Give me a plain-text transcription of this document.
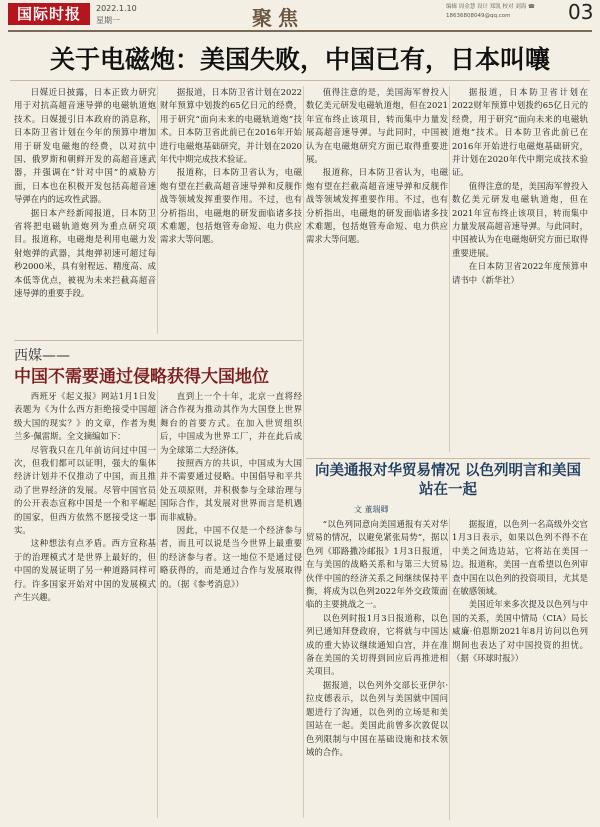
国际时报	2022.1.10
星期一	聚焦	编辑 周金慧 设计 郑凯 校对 刘海 ☎ 18636808049@qq.com	03
关于电磁炮：美国失败，中国已有，日本叫嚷

日媒近日披露，日本正致力研究用于对抗高超音速导弹的电磁轨道炮技术。日媒援引日本政府的消息称，日本防卫省计划在今年的预算中增加用于研发电磁炮的经费，以对抗中国、俄罗斯和朝鲜开发的高超音速武器，并强调在“针对中国”的威胁方面，日本也在积极开发包括高超音速导弹在内的远攻性武器。

据日本产经新闻报道，日本防卫省将把电磁轨道炮列为重点研究项目。报道称，电磁炮是利用电磁力发射炮弹的武器，其炮弹初速可超过每秒2000米，具有射程远、精度高、成本低等优点，被视为未来拦截高超音速导弹的重要手段。

据报道，日本防卫省计划在2022财年预算中划拨约65亿日元的经费，用于研究“面向未来的电磁轨道炮”技术。日本防卫省此前已在2016年开始进行电磁炮基础研究，并计划在2020年代中期完成技术验证。

报道称，日本防卫省认为，电磁炮有望在拦截高超音速导弹和反舰作战等领域发挥重要作用。不过，也有分析指出，电磁炮的研发面临诸多技术难题，包括炮管寿命短、电力供应需求大等问题。

值得注意的是，美国海军曾投入数亿美元研发电磁轨道炮，但在2021年宣布终止该项目，转而集中力量发展高超音速导弹。与此同时，中国被认为在电磁炮研究方面已取得重要进展。

报道称，日本防卫省认为，电磁炮有望在拦截高超音速导弹和反舰作战等领域发挥重要作用。不过，也有分析指出，电磁炮的研发面临诸多技术难题，包括炮管寿命短、电力供应需求大等问题。

据报道，日本防卫省计划在2022财年预算中划拨约65亿日元的经费，用于研究“面向未来的电磁轨道炮”技术。日本防卫省此前已在2016年开始进行电磁炮基础研究，并计划在2020年代中期完成技术验证。

值得注意的是，美国海军曾投入数亿美元研发电磁轨道炮，但在2021年宣布终止该项目，转而集中力量发展高超音速导弹。与此同时，中国被认为在电磁炮研究方面已取得重要进展。

在日本防卫省2022年度预算申请书中（新华社）

西媒——
中国不需要通过侵略获得大国地位

西班牙《起义报》网站1月1日发表题为《为什么西方拒绝接受中国超级大国的现实？》的文章，作者为奥兰多·佩雷斯。全文摘编如下：

尽管我只在几年前访问过中国一次，但我们都可以证明，强大的集体经济计划并不仅推动了中国，而且推动了世界经济的发展。尽管中国官员的公开表态宣称中国是一个和平崛起的国家，但西方依然不愿接受这一事实。

这种想法有点矛盾。西方宣称基于的治理模式才是世界上最好的，但中国的发展证明了另一种道路同样可行。许多国家开始对中国的发展模式产生兴趣。

直到上一个十年，北京一直将经济合作视为推动其作为大国登上世界舞台的首要方式。在加入世贸组织后，中国成为世界工厂，并在此后成为全球第二大经济体。

按照西方的共识，中国成为大国并不需要通过侵略。中国倡导和平共处五项原则，并积极参与全球治理与国际合作，其发展对世界而言是机遇而非威胁。

因此，中国不仅是一个经济参与者，而且可以说是当今世界上最重要的经济参与者。这一地位不是通过侵略获得的，而是通过合作与发展取得的。（据《参考消息》）

向美通报对华贸易情况 以色列明言和美国站在一起
文 董瑞卿

“以色列同意向美国通报有关对华贸易的情况，以避免紧张局势”，据以色列《耶路撒冷邮报》1月3日报道，在与美国的战略关系和与第三大贸易伙伴中国的经济关系之间继续保持平衡，将成为以色列2022年外交政策面临的主要挑战之一。

以色列时报1月3日报道称，以色列已通知拜登政府，它将就与中国达成的重大协议继续通知白宫，并在准备在美国的关切得到回应后再推进相关项目。

据报道，以色列外交部长亚伊尔·拉皮德表示，以色列与美国就中国问题进行了沟通，以色列的立场是和美国站在一起。美国此前曾多次敦促以色列限制与中国在基础设施和技术领域的合作。

据报道，以色列一名高级外交官1月3日表示，如果以色列不得不在中美之间选边站，它将站在美国一边。报道称，美国一直希望以色列审查中国在以色列的投资项目，尤其是在敏感领域。

美国近年来多次提及以色列与中国的关系，美国中情局（CIA）局长威廉·伯恩斯2021年8月访问以色列期间也表达了对中国投资的担忧。（据《环球时报》）
